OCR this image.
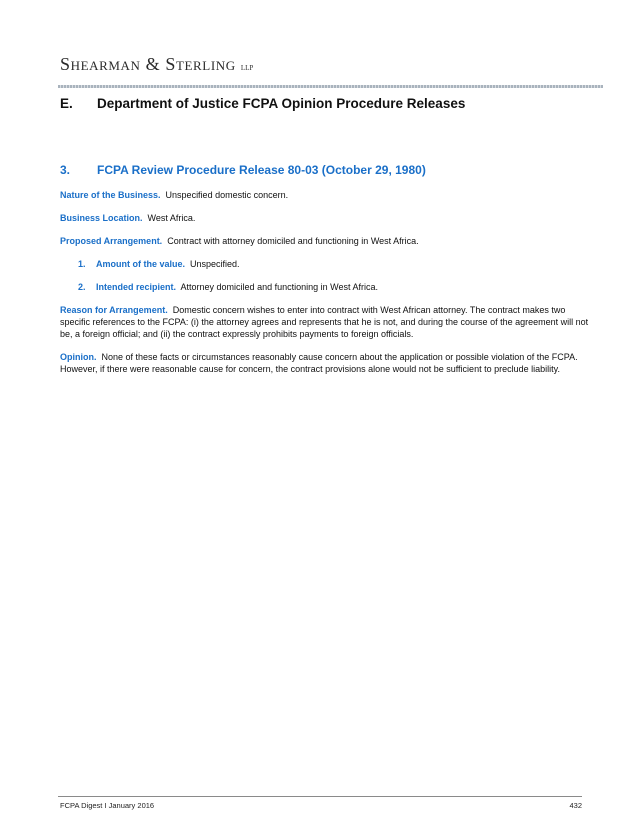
Shearman & Sterling LLP
E. Department of Justice FCPA Opinion Procedure Releases
3. FCPA Review Procedure Release 80-03 (October 29, 1980)

Nature of the Business. Unspecified domestic concern.

Business Location. West Africa.

Proposed Arrangement. Contract with attorney domiciled and functioning in West Africa.

1. Amount of the value. Unspecified.

2. Intended recipient. Attorney domiciled and functioning in West Africa.

Reason for Arrangement. Domestic concern wishes to enter into contract with West African attorney. The contract makes two specific references to the FCPA: (i) the attorney agrees and represents that he is not, and during the course of the agreement will not be, a foreign official; and (ii) the contract expressly prohibits payments to foreign officials.

Opinion. None of these facts or circumstances reasonably cause concern about the application or possible violation of the FCPA. However, if there were reasonable cause for concern, the contract provisions alone would not be sufficient to preclude liability.

FCPA Digest I January 2016	432
